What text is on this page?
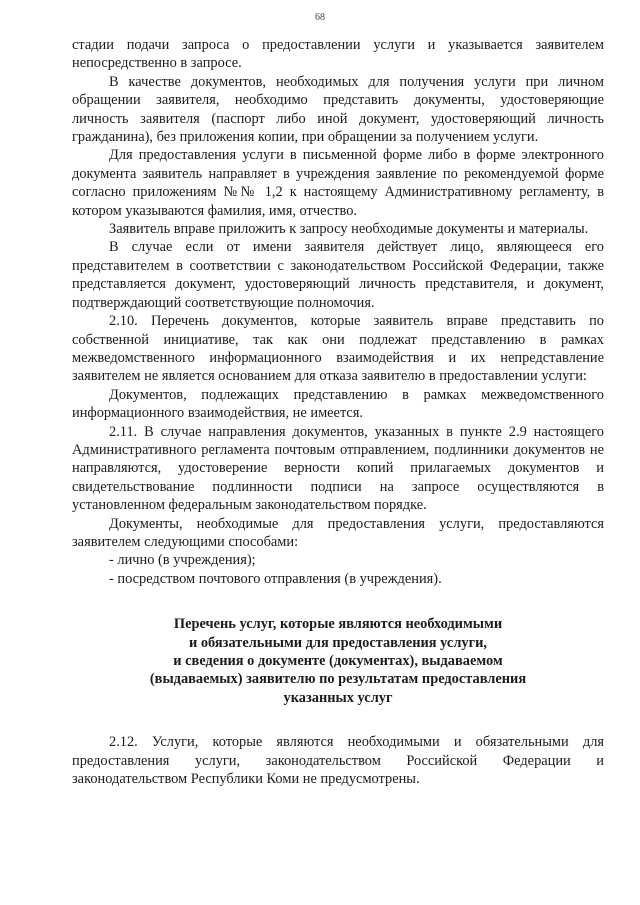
68

стадии подачи запроса о предоставлении услуги и указывается заявителем непосредственно в запросе.

В качестве документов, необходимых для получения услуги при личном обращении заявителя, необходимо представить документы, удостоверяющие личность заявителя (паспорт либо иной документ, удостоверяющий личность гражданина), без приложения копии, при обращении за получением услуги.

Для предоставления услуги в письменной форме либо в форме электронного документа заявитель направляет в учреждения заявление по рекомендуемой форме согласно приложениям №№ 1,2 к настоящему Административному регламенту, в котором указываются фамилия, имя, отчество.

Заявитель вправе приложить к запросу необходимые документы и материалы.

В случае если от имени заявителя действует лицо, являющееся его представителем в соответствии с законодательством Российской Федерации, также представляется документ, удостоверяющий личность представителя, и документ, подтверждающий соответствующие полномочия.

2.10. Перечень документов, которые заявитель вправе представить по собственной инициативе, так как они подлежат представлению в рамках межведомственного информационного взаимодействия и их непредставление заявителем не является основанием для отказа заявителю в предоставлении услуги:

Документов, подлежащих представлению в рамках межведомственного информационного взаимодействия, не имеется.

2.11. В случае направления документов, указанных в пункте 2.9 настоящего Административного регламента почтовым отправлением, подлинники документов не направляются, удостоверение верности копий прилагаемых документов и свидетельствование подлинности подписи на запросе осуществляются в установленном федеральным законодательством порядке.

Документы, необходимые для предоставления услуги, предоставляются заявителем следующими способами:

- лично (в учреждения);

- посредством почтового отправления (в учреждения).

Перечень услуг, которые являются необходимыми
и обязательными для предоставления услуги,
и сведения о документе (документах), выдаваемом
(выдаваемых) заявителю по результатам предоставления
указанных услуг

2.12. Услуги, которые являются необходимыми и обязательными для предоставления услуги, законодательством Российской Федерации и законодательством Республики Коми не предусмотрены.
